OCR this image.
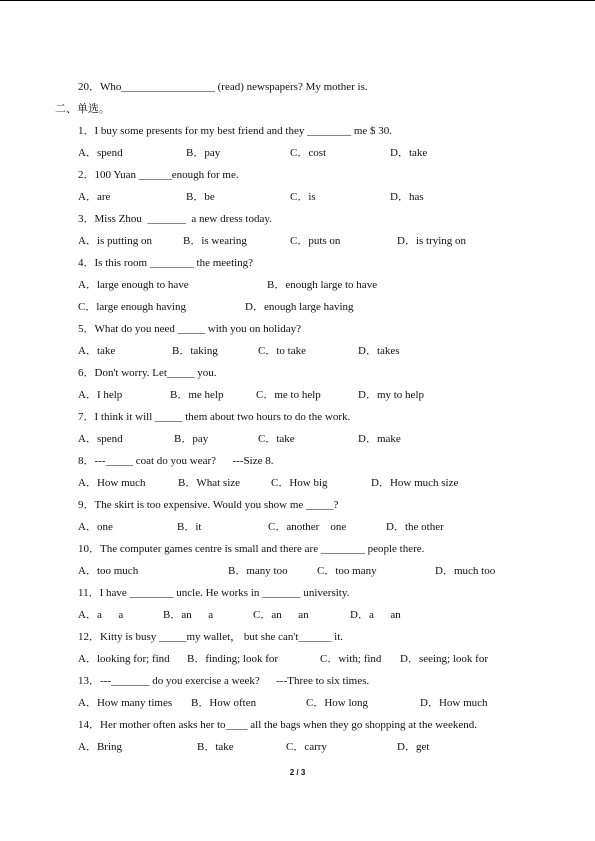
20．Who_________________ (read) newspapers? My mother is.
二、单选。
1．I buy some presents for my best friend and they ________ me $ 30.
A．spend	B．pay	C．cost	D．take
2．100 Yuan ______enough for me.
A．are	B．be	C．is	D．has
3．Miss Zhou  _______  a new dress today.
A．is putting on	B．is wearing	C．puts on	D．is trying on
4．Is this room ________ the meeting?
A．large enough to have	B．enough large to have
C．large enough having	D．enough large having
5．What do you need _____ with you on holiday?
A．take	B．taking	C．to take	D．takes
6．Don't worry. Let_____ you.
A．I help	B．me help	C．me to help	D．my to help
7．I think it will _____ them about two hours to do the work.
A．spend	B．pay	C．take	D．make
8．---_____ coat do you wear?      ---Size 8.
A．How much	B．What size	C．How big	D．How much size
9．The skirt is too expensive. Would you show me _____?
A．one	B．it	C．another    one	D．the other
10．The computer games centre is small and there are ________ people there.
A．too much	B．many too	C．too many	D．much too
11．I have ________ uncle. He works in _______ university.
A．a      a	B．an      a	C．an      an	D．a      an
12．Kitty is busy _____my wallet， but she can't______ it.
A．looking for; find B．finding; look for	C．with; find D．seeing; look for
13．---_______ do you exercise a week?      ---Three to six times.
A．How many times B．How often	C．How long	D．How much
14．Her mother often asks her to____ all the bags when they go shopping at the weekend.
A．Bring	B．take	C．carry	D．get
2 / 3
